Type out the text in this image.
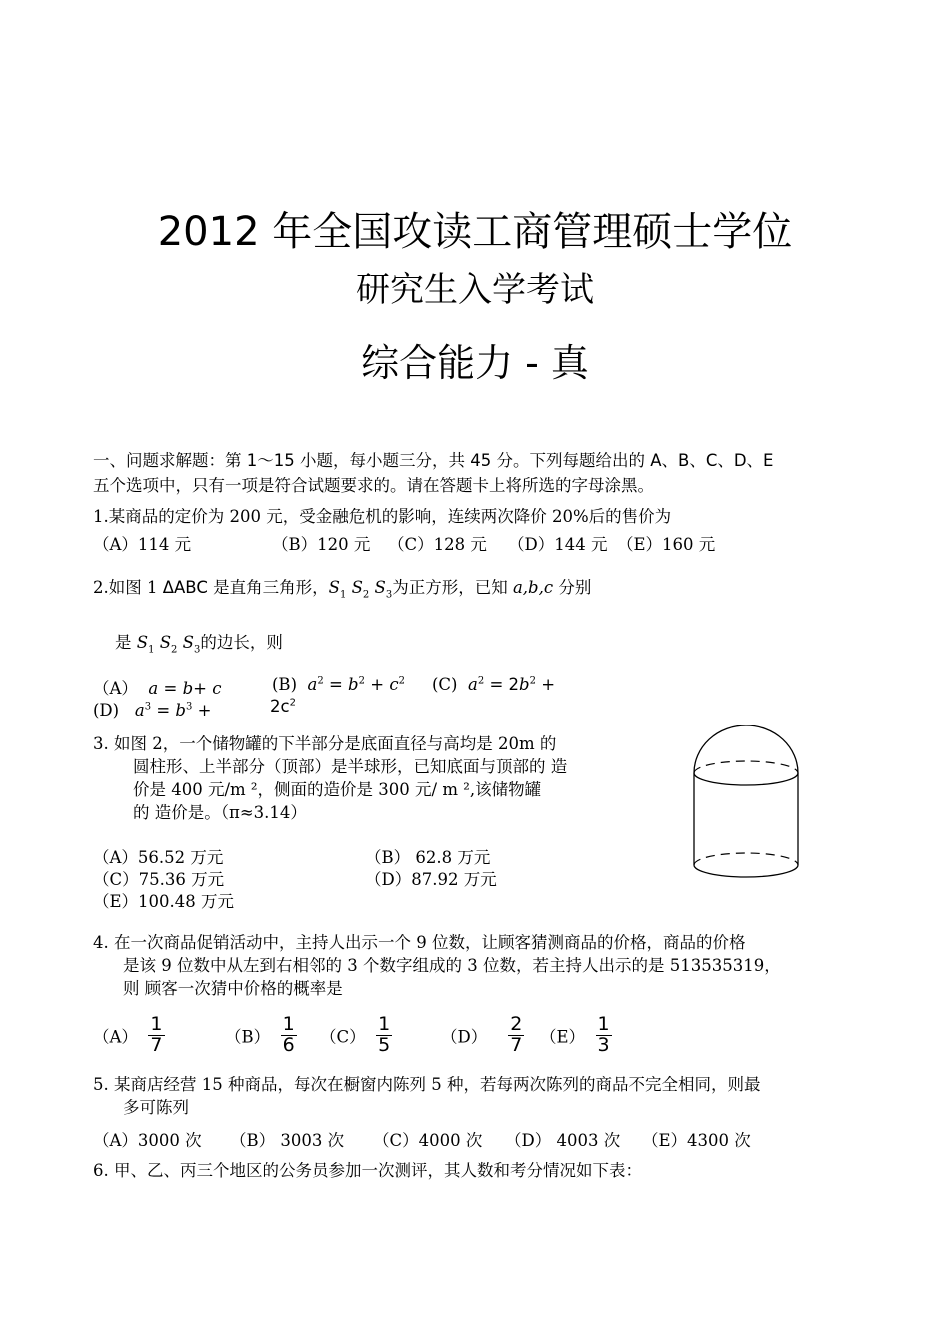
2012 年全国攻读工商管理硕士学位
研究生入学考试
综合能力 - 真
一、问题求解题：第 1～15 小题，每小题三分，共 45 分。下列每题给出的 A、B、C、D、E
五个选项中，只有一项是符合试题要求的。请在答题卡上将所选的字母涂黑。
1.某商品的定价为 200 元，受金融危机的影响，连续两次降价 20%后的售价为
（A）114 元	（B）120 元 （C）128 元 （D）144 元 （E）160 元
2.如图 1 ΔABC 是直角三角形，$S_1$ $S_2$ $S_3$为正方形，已知 a,b,c 分别
是 $S_1$ $S_2$ $S_3$的边长，则
（A） a = b+ c	(B) $a^2 = b^2 + c^2$ (C) $a^2 = 2b^2$ +
$2c^2$
(D) $a^3 = b^3$ +
3. 如图 2，一个储物罐的下半部分是底面直径与高均是 20m 的
圆柱形、上半部分（顶部）是半球形，已知底面与顶部的 造
价是 400 元/m ²，侧面的造价是 300 元/ m ²,该储物罐
的 造价是。（π≈3.14）
（A）56.52 万元	（B） 62.8 万元
（C）75.36 万元	（D）87.92 万元
（E）100.48 万元
4. 在一次商品促销活动中，主持人出示一个 9 位数，让顾客猜测商品的价格，商品的价格
是该 9 位数中从左到右相邻的 3 个数字组成的 3 位数，若主持人出示的是 513535319，
则 顾客一次猜中价格的概率是
$(A) \frac{1}{7}$	$(B) \frac{1}{6} (C) \frac{1}{5}$	$(D) \frac{2}{7} (E) \frac{1}{3}$
5. 某商店经营 15 种商品，每次在橱窗内陈列 5 种，若每两次陈列的商品不完全相同，则最
多可陈列
（A）3000 次 （B） 3003 次 （C）4000 次 （D） 4003 次 （E）4300 次
6. 甲、乙、丙三个地区的公务员参加一次测评，其人数和考分情况如下表：
